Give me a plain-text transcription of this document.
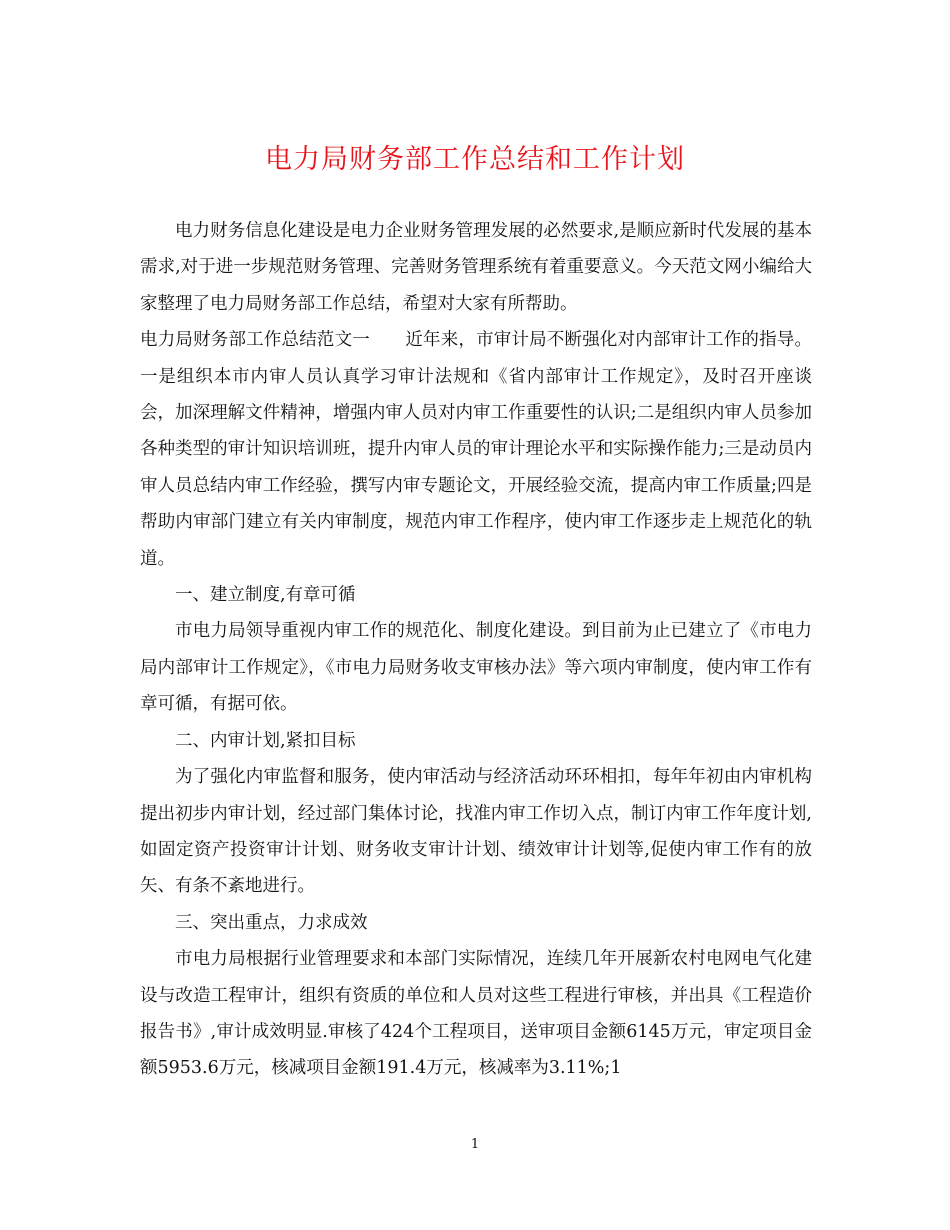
电力局财务部工作总结和工作计划

电力财务信息化建设是电力企业财务管理发展的必然要求,是顺应新时代发展的基本需求,对于进一步规范财务管理、完善财务管理系统有着重要意义。今天范文网小编给大家整理了电力局财务部工作总结，希望对大家有所帮助。

电力局财务部工作总结范文一　　近年来，市审计局不断强化对内部审计工作的指导。一是组织本市内审人员认真学习审计法规和《省内部审计工作规定》，及时召开座谈会，加深理解文件精神，增强内审人员对内审工作重要性的认识;二是组织内审人员参加各种类型的审计知识培训班，提升内审人员的审计理论水平和实际操作能力;三是动员内审人员总结内审工作经验，撰写内审专题论文，开展经验交流，提高内审工作质量;四是帮助内审部门建立有关内审制度，规范内审工作程序，使内审工作逐步走上规范化的轨道。

一、建立制度,有章可循

市电力局领导重视内审工作的规范化、制度化建设。到目前为止已建立了《市电力局内部审计工作规定》，《市电力局财务收支审核办法》等六项内审制度，使内审工作有章可循，有据可依。

二、内审计划,紧扣目标

为了强化内审监督和服务，使内审活动与经济活动环环相扣，每年年初由内审机构提出初步内审计划，经过部门集体讨论，找准内审工作切入点，制订内审工作年度计划,如固定资产投资审计计划、财务收支审计计划、绩效审计计划等,促使内审工作有的放矢、有条不紊地进行。

三、突出重点，力求成效

市电力局根据行业管理要求和本部门实际情况，连续几年开展新农村电网电气化建设与改造工程审计，组织有资质的单位和人员对这些工程进行审核，并出具《工程造价报告书》,审计成效明显.审核了424个工程项目，送审项目金额6145万元，审定项目金额5953.6万元，核减项目金额191.4万元，核减率为3.11%;1

1
